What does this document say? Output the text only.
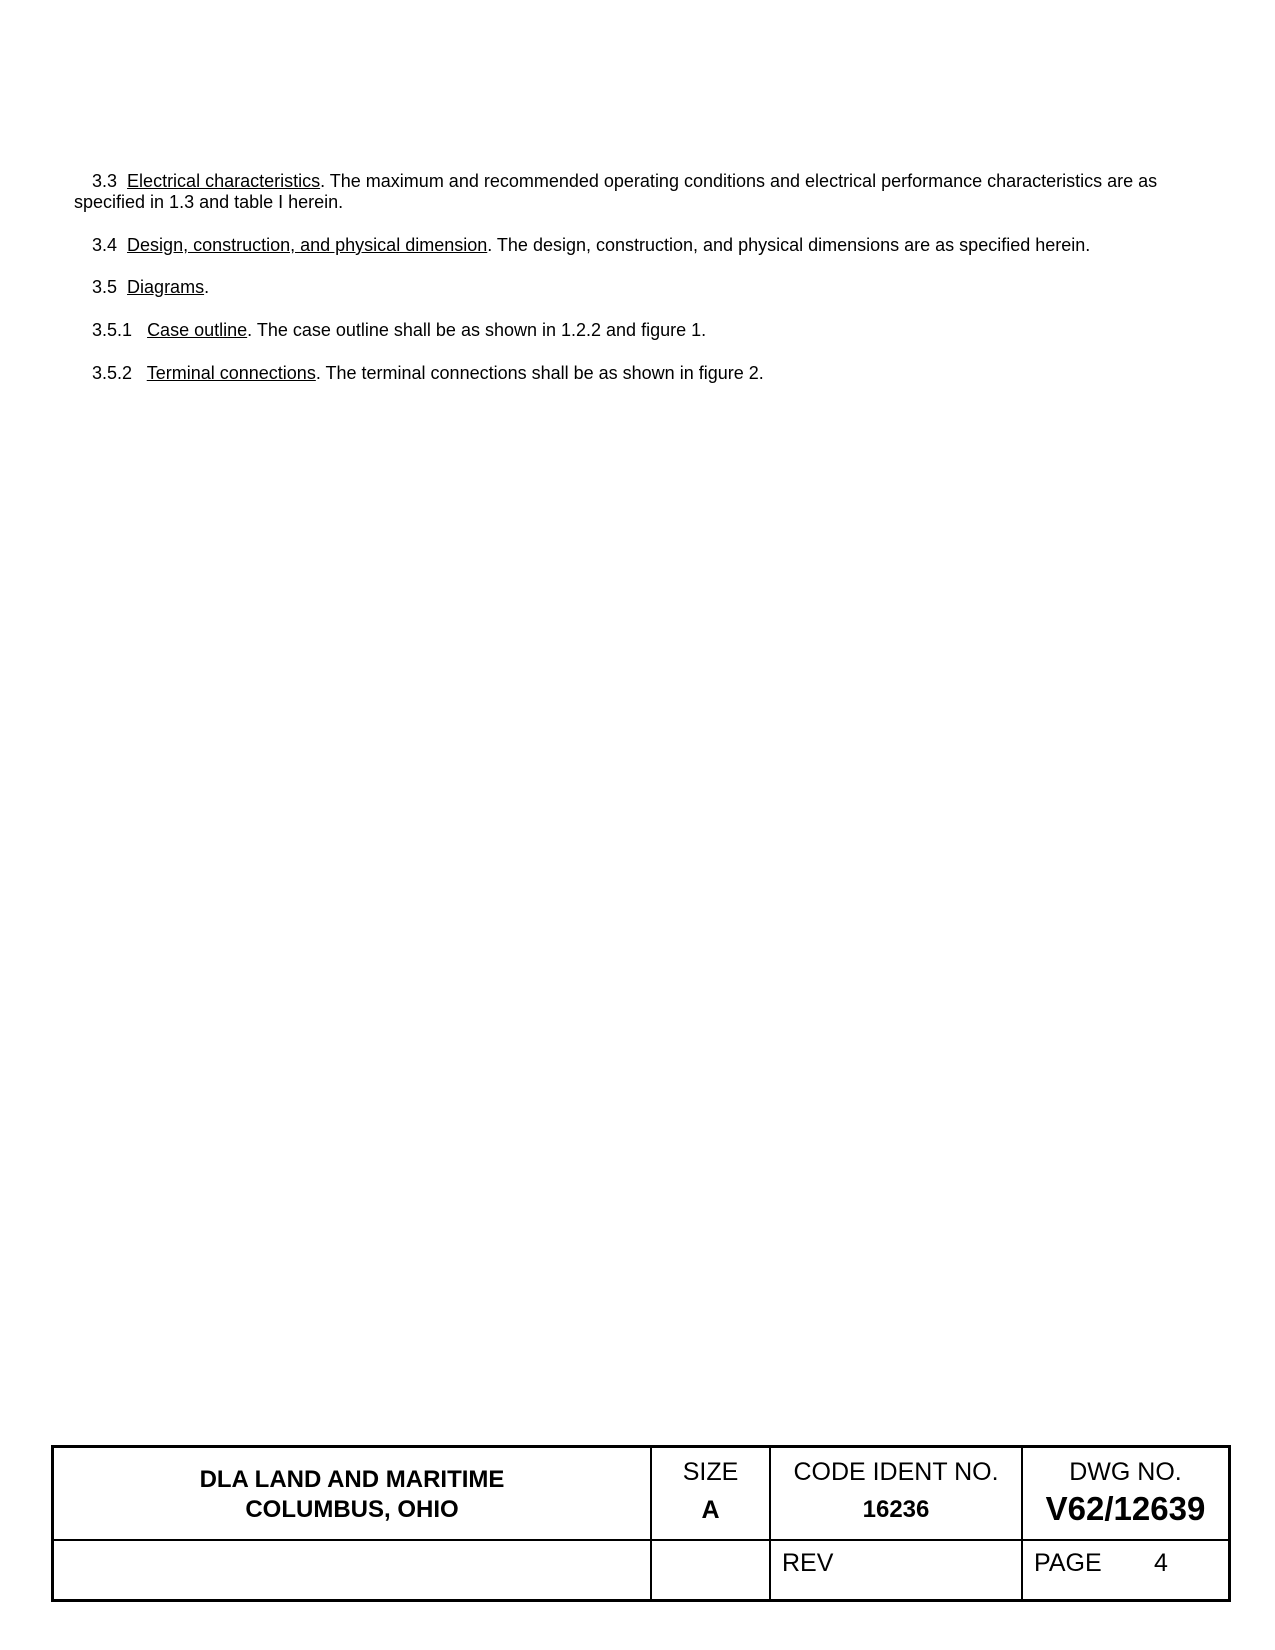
3.3 Electrical characteristics. The maximum and recommended operating conditions and electrical performance characteristics are as
specified in 1.3 and table I herein.
3.4 Design, construction, and physical dimension. The design, construction, and physical dimensions are as specified herein.
3.5 Diagrams.
3.5.1 Case outline. The case outline shall be as shown in 1.2.2 and figure 1.
3.5.2 Terminal connections. The terminal connections shall be as shown in figure 2.
DLA LAND AND MARITIME
COLUMBUS, OHIO
SIZE
A
CODE IDENT NO.
16236
DWG NO.
V62/12639
REV	PAGE 4
